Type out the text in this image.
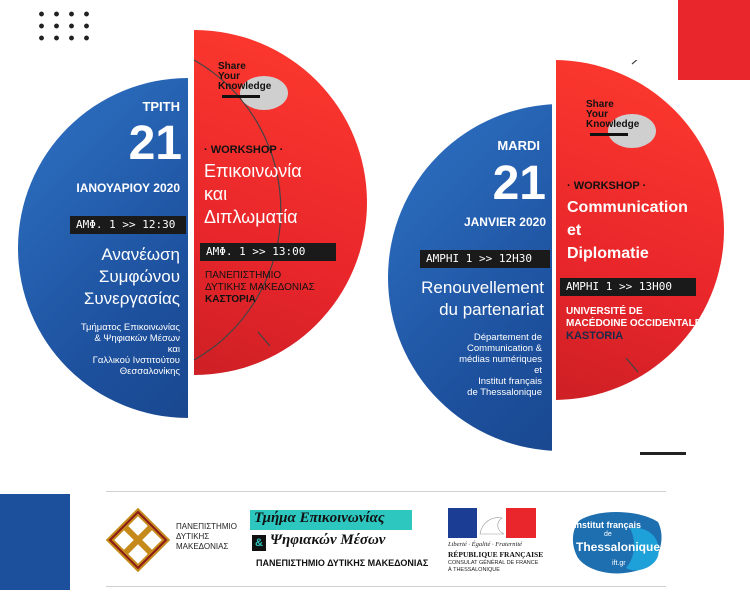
ΤΡΙΤΗ
21
ΙΑΝΟΥΑΡΙΟΥ 2020
ΑΜΦ. 1 >> 12:30
Ανανέωση
Συμφώνου
Συνεργασίας
Τμήματος Επικοινωνίας
& Ψηφιακών Μέσων
και
Γαλλικού Ινστιτούτου
Θεσσαλονίκης
Share
Your
Knowledge
· WORKSHOP ·
Επικοινωνία
και
Διπλωματία
ΑΜΦ. 1 >> 13:00
ΠΑΝΕΠΙΣΤΗΜΙΟ
ΔΥΤΙΚΗΣ ΜΑΚΕΔΟΝΙΑΣ
ΚΑΣΤΟΡΙΑ
MARDI
21
JANVIER 2020
AMPHI 1 >> 12H30
Renouvellement
du partenariat
Département de
Communication &
médias numériques
et
Institut français
de Thessalonique
Share
Your
Knowledge
· WORKSHOP ·
Communication
et
Diplomatie
AMPHI 1 >> 13H00
UNIVERSITÉ DE
MACÉDOINE OCCIDENTALE
KASTORIA
ΠΑΝΕΠΙΣΤΗΜΙΟ
ΔΥΤΙΚΗΣ
ΜΑΚΕΔΟΝΙΑΣ
Τμήμα Επικοινωνίας
& Ψηφιακών Μέσων
ΠΑΝΕΠΙΣΤΗΜΙΟ ΔΥΤΙΚΗΣ ΜΑΚΕΔΟΝΙΑΣ
Liberté · Égalité · Fraternité
RÉPUBLIQUE FRANÇAISE
CONSULAT GÉNÉRAL DE FRANCE
À THESSALONIQUE
Institut français
de
Thessalonique
ift.gr
